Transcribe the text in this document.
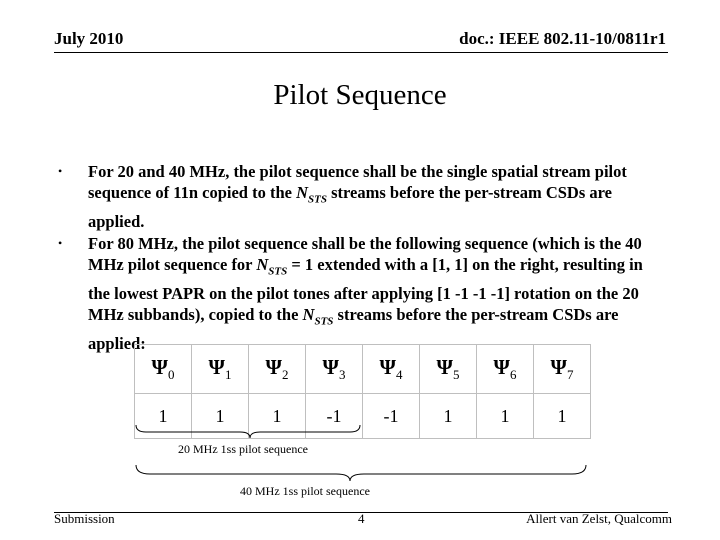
July 2010	doc.: IEEE 802.11-10/0811r1
Pilot Sequence
• For 20 and 40 MHz, the pilot sequence shall be the single spatial stream pilot sequence of 11n copied to the $N_{STS}$ streams before the per-stream CSDs are applied.
• For 80 MHz, the pilot sequence shall be the following sequence (which is the 40 MHz pilot sequence for $N_{STS} = 1$ extended with a [1, 1] on the right, resulting in the lowest PAPR on the pilot tones after applying [1 -1 -1 -1] rotation on the 20 MHz subbands), copied to the $N_{STS}$ streams before the per-stream CSDs are applied:
$\Psi_0$	$\Psi_1$	$\Psi_2$	$\Psi_3$	$\Psi_4$	$\Psi_5$	$\Psi_6$	$\Psi_7$
1	1	1	-1	-1	1	1	1
20 MHz 1ss pilot sequence
40 MHz 1ss pilot sequence
Submission	4	Allert van Zelst, Qualcomm
